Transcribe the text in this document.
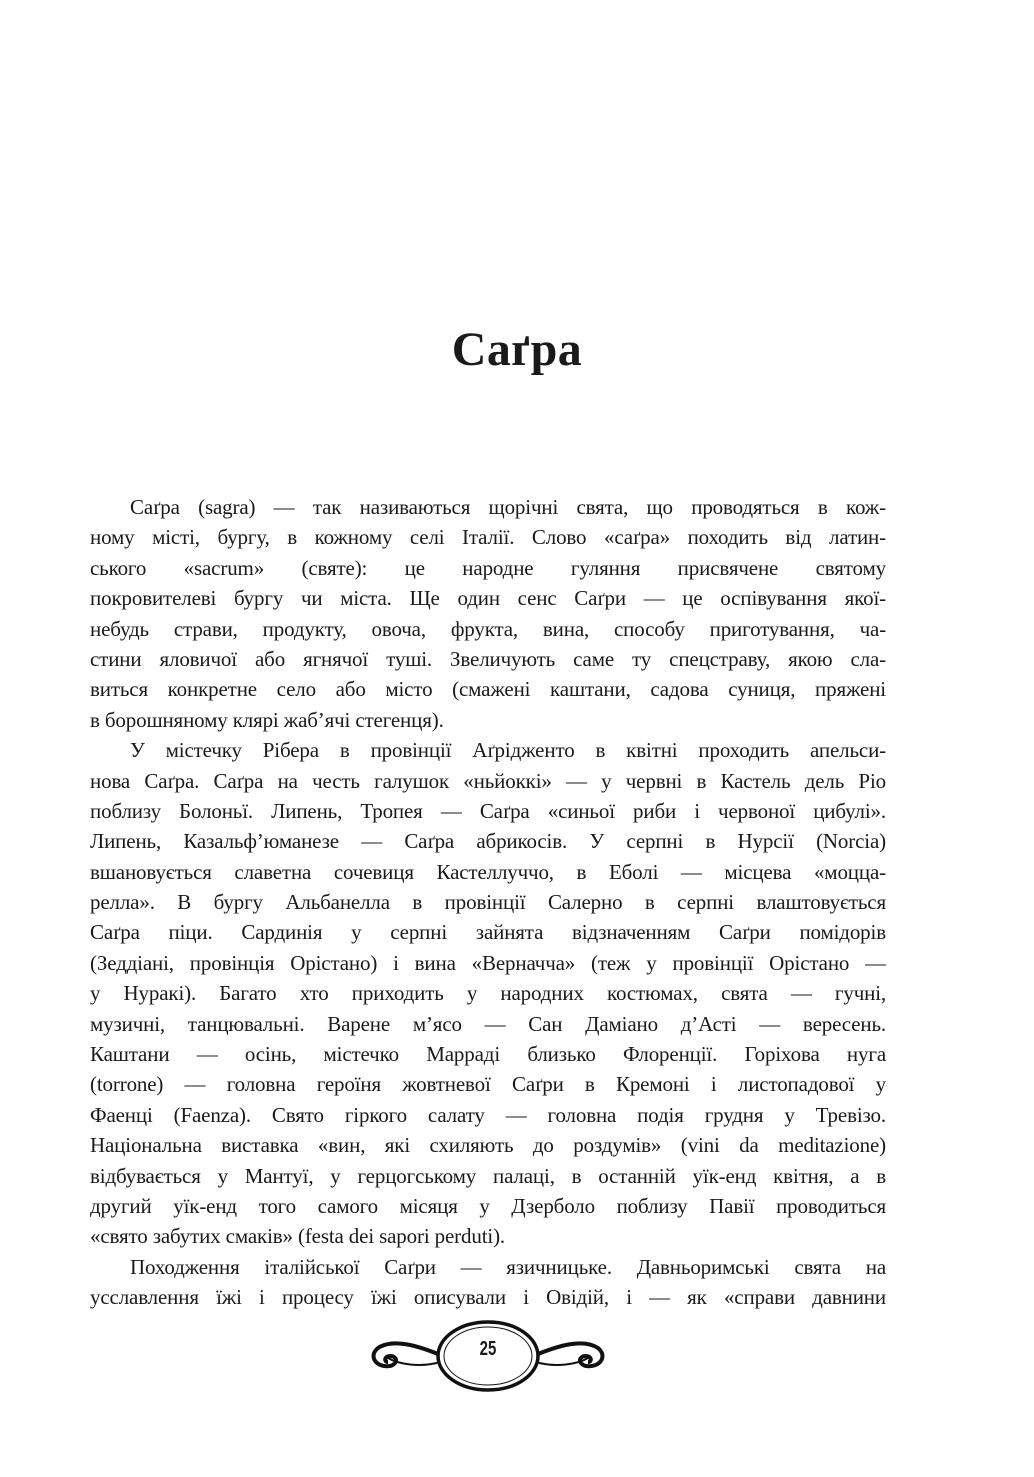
Саґра
Саґра (sagra) — так називаються щорічні свята, що проводяться в кож-
ному місті, бургу, в кожному селі Італії. Слово «саґра» походить від латин-
ського «sacrum» (святе): це народне гуляння присвячене святому
покровителеві бургу чи міста. Ще один сенс Саґри — це оспівування якої-
небудь страви, продукту, овоча, фрукта, вина, способу приготування, ча-
стини яловичої або ягнячої туші. Звеличують саме ту спецстраву, якою сла-
виться конкретне село або місто (смажені каштани, садова суниця, пряжені
в борошняному клярі жаб’ячі стегенця).
У містечку Рібера в провінції Аґрідженто в квітні проходить апельси-
нова Саґра. Саґра на честь галушок «ньйоккі» — у червні в Кастель дель Ріо
поблизу Болоньї. Липень, Тропея — Саґра «синьої риби і червоної цибулі».
Липень, Казальф’юманезе — Саґра абрикосів. У серпні в Нурсії (Norcia)
вшановується славетна сочевиця Кастеллуччо, в Еболі — місцева «моцца-
релла». В бургу Альбанелла в провінції Салерно в серпні влаштовується
Саґра піци. Сардинія у серпні зайнята відзначенням Саґри помідорів
(Зеддіані, провінція Орістано) і вина «Верначча» (теж у провінції Орістано —
у Нуракі). Багато хто приходить у народних костюмах, свята — гучні,
музичні, танцювальні. Варене м’ясо — Сан Даміано д’Асті — вересень.
Каштани — осінь, містечко Маррадi близько Флоренції. Горіхова нуга
(torrone) — головна героїня жовтневої Саґри в Кремоні і листопадової у
Фаенці (Faenza). Свято гіркого салату — головна подія грудня у Тревізо.
Національна виставка «вин, які схиляють до роздумів» (vini da meditazione)
відбувається у Мантуї, у герцогському палаці, в останній уїк-енд квітня, а в
другий уїк-енд того самого місяця у Дзерболо поблизу Павії проводиться
«свято забутих смаків» (festa dei sapori perduti).
Походження італійської Саґри — язичницьке. Давньоримські свята на
усславлення їжі і процесу їжі описували і Овідій, і — як «справи давнини
25
